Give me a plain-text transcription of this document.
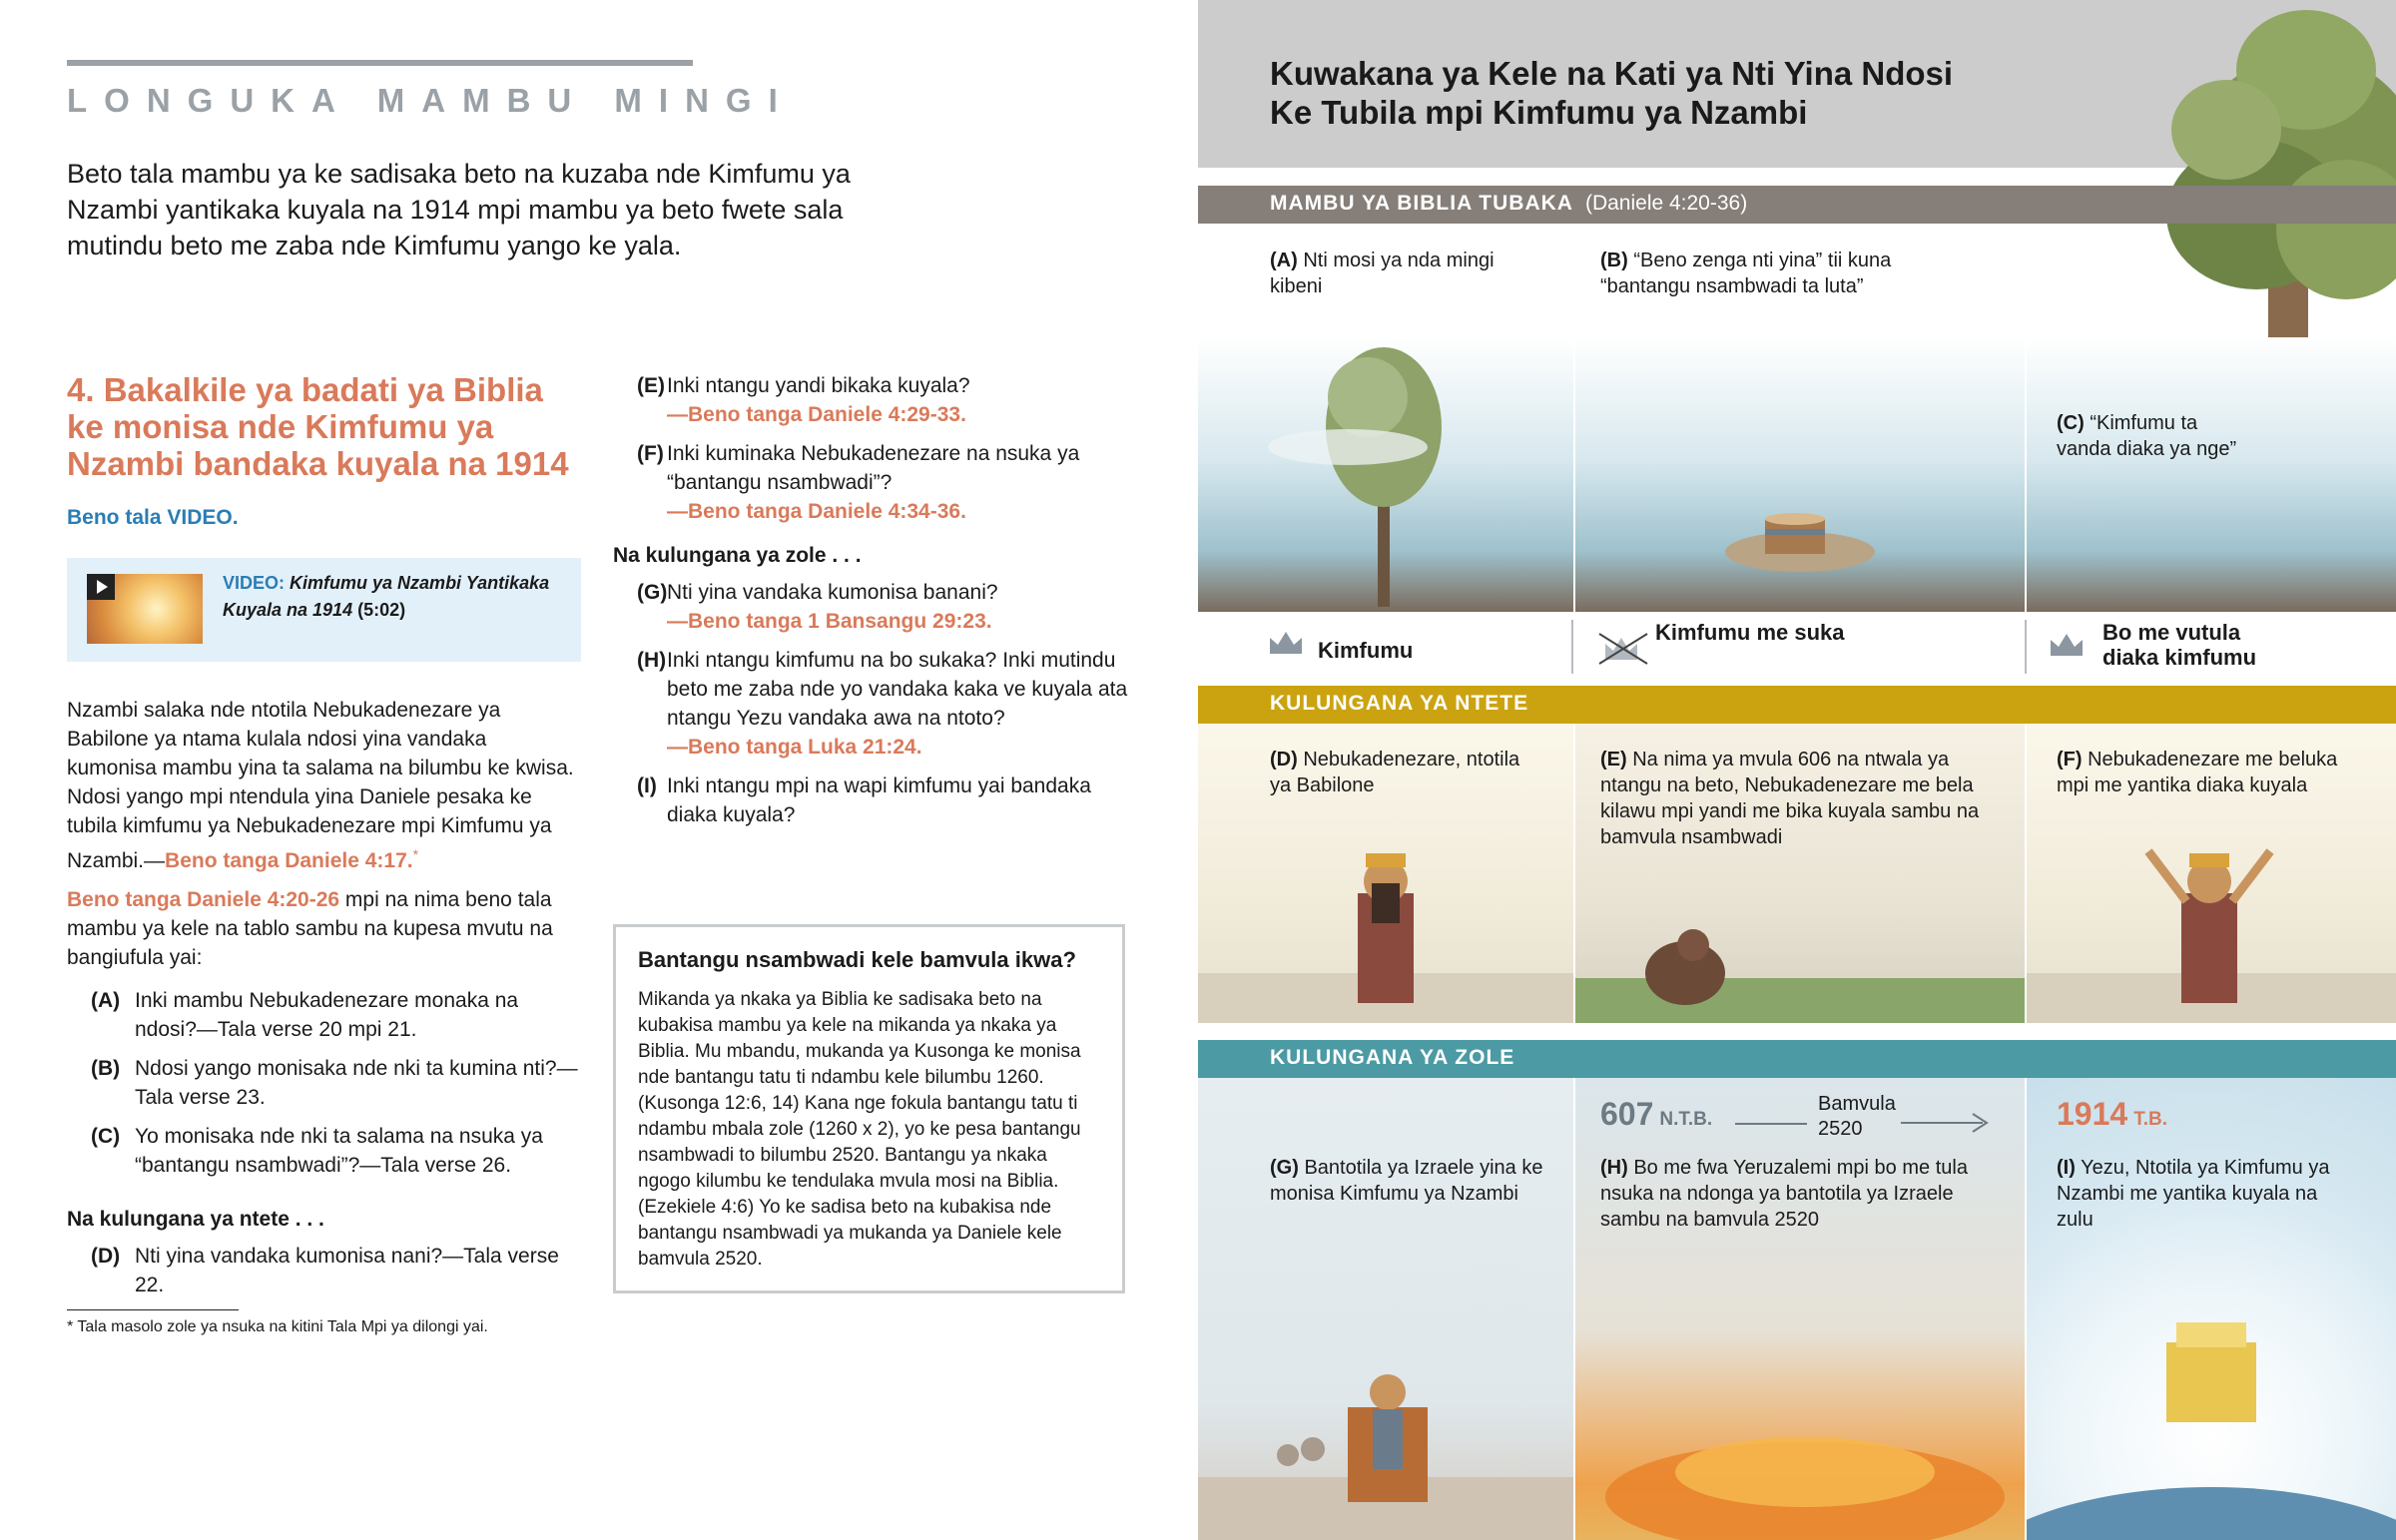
LONGUKA MAMBU MINGI

Beto tala mambu ya ke sadisaka beto na kuzaba nde Kimfumu ya Nzambi yantikaka kuyala na 1914 mpi mambu ya beto fwete sala mutindu beto me zaba nde Kimfumu yango ke yala.

4. Bakalkile ya badati ya Biblia ke monisa nde Kimfumu ya Nzambi bandaka kuyala na 1914
Beno tala VIDEO.
VIDEO: Kimfumu ya Nzambi Yantikaka Kuyala na 1914 (5:02)

Nzambi salaka nde ntotila Nebukadenezare ya Babilone ya ntama kulala ndosi yina vandaka kumonisa mambu yina ta salama na bilumbu ke kwisa. Ndosi yango mpi ntendula yina Daniele pesaka ke tubila kimfumu ya Nebukadenezare mpi Kimfumu ya Nzambi.—Beno tanga Daniele 4:17.*

Beno tanga Daniele 4:20-26 mpi na nima beno tala mambu ya kele na tablo sambu na kupesa mvutu na bangiufula yai:

(A) Inki mambu Nebukadenezare monaka na ndosi?—Tala verse 20 mpi 21.
(B) Ndosi yango monisaka nde nki ta kumina nti?—Tala verse 23.
(C) Yo monisaka nde nki ta salama na nsuka ya “bantangu nsambwadi”?—Tala verse 26.
Na kulungana ya ntete . . .
(D) Nti yina vandaka kumonisa nani?—Tala verse 22.
* Tala masolo zole ya nsuka na kitini Tala Mpi ya dilongi yai.
(E) Inki ntangu yandi bikaka kuyala?
—Beno tanga Daniele 4:29-33.
(F) Inki kuminaka Nebukadenezare na nsuka ya “bantangu nsambwadi”?
—Beno tanga Daniele 4:34-36.
Na kulungana ya zole . . .
(G) Nti yina vandaka kumonisa banani?
—Beno tanga 1 Bansangu 29:23.
(H) Inki ntangu kimfumu na bo sukaka? Inki mutindu beto me zaba nde yo vandaka kaka ve kuyala ata ntangu Yezu vandaka awa na ntoto?
—Beno tanga Luka 21:24.
(I) Inki ntangu mpi na wapi kimfumu yai bandaka diaka kuyala?
Bantangu nsambwadi kele bamvula ikwa?

Mikanda ya nkaka ya Biblia ke sadisaka beto na kubakisa mambu ya kele na mikanda ya nkaka ya Biblia. Mu mbandu, mukanda ya Kusonga ke monisa nde bantangu tatu ti ndambu kele bilumbu 1260. (Kusonga 12:6, 14) Kana nge fokula bantangu tatu ti ndambu mbala zole (1260 x 2), yo ke pesa bantangu nsambwadi to bilumbu 2520. Bantangu ya nkaka ngogo kilumbu ke tendulaka mvula mosi na Biblia. (Ezekiele 4:6) Yo ke sadisa beto na kubakisa nde bantangu nsambwadi ya mukanda ya Daniele kele bamvula 2520.

Kuwakana ya Kele na Kati ya Nti Yina Ndosi
Ke Tubila mpi Kimfumu ya Nzambi
MAMBU YA BIBLIA TUBAKA (Daniele 4:20-36)
(A) Nti mosi ya nda mingi kibeni
(B) “Beno zenga nti yina” tii kuna “bantangu nsambwadi ta luta”
(C) “Kimfumu ta vanda diaka ya nge”
Kimfumu
Kimfumu me suka	Bo me vutula
diaka kimfumu
KULUNGANA YA NTETE
(D) Nebukadenezare, ntotila ya Babilone
(E) Na nima ya mvula 606 na ntwala ya ntangu na beto, Nebukadenezare me bela kilawu mpi yandi me bika kuyala sambu na bamvula nsambwadi
(F) Nebukadenezare me beluka mpi me yantika diaka kuyala
KULUNGANA YA ZOLE
(G) Bantotila ya Izraele yina ke monisa Kimfumu ya Nzambi
607 N.T.B.
Bamvula
2520
(H) Bo me fwa Yeruzalemi mpi bo me tula nsuka na ndonga ya bantotila ya Izraele sambu na bamvula 2520
1914 T.B.
(I) Yezu, Ntotila ya Kimfumu ya Nzambi me yantika kuyala na zulu
